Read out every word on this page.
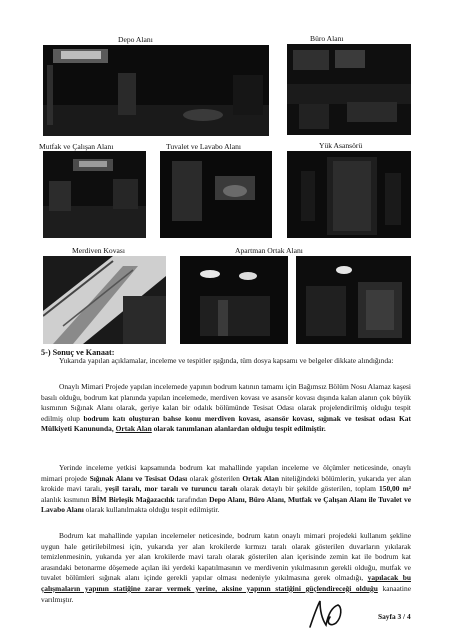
Depo Alanı	Büro Alanı
Mutfak ve Çalışan Alanı	Tuvalet ve Lavabo Alanı	Yük Asansörü
Merdiven Kovası	Apartman Ortak Alanı
5-) Sonuç ve Kanaat:
Yukarıda yapılan açıklamalar, inceleme ve tespitler ışığında, tüm dosya kapsamı ve belgeler dikkate alındığında:
Onaylı Mimari Projede yapılan incelemede yapının bodrum katının tamamı için Bağımsız Bölüm Nosu Alamaz kaşesi basılı olduğu, bodrum kat planında yapılan incelemede, merdiven kovası ve asansör kovası dışında kalan alanın çok büyük kısmının Sığınak Alanı olarak, geriye kalan bir odalık bölümünde Tesisat Odası olarak projelendirilmiş olduğu tespit edilmiş olup bodrum katı oluşturan bahse konu merdiven kovası, asansör kovası, sığınak ve tesisat odası Kat Mülkiyeti Kanununda, Ortak Alan olarak tanımlanan alanlardan olduğu tespit edilmiştir.
Yerinde inceleme yetkisi kapsamında bodrum kat mahallinde yapılan inceleme ve ölçümler neticesinde, onaylı mimari projede Sığınak Alanı ve Tesisat Odası olarak gösterilen Ortak Alan niteliğindeki bölümlerin, yukarıda yer alan krokide mavi taralı, yeşil taralı, mor taralı ve turuncu taralı olarak detaylı bir şekilde gösterilen, toplam 150,00 m² alanlık kısmının BİM Birleşik Mağazacılık tarafından Depo Alanı, Büro Alanı, Mutfak ve Çalışan Alanı ile Tuvalet ve Lavabo Alanı olarak kullanılmakta olduğu tespit edilmiştir.
Bodrum kat mahallinde yapılan incelemeler neticesinde, bodrum katın onaylı mimari projedeki kullanım şekline uygun hale getirilebilmesi için, yukarıda yer alan krokilerde kırmızı taralı olarak gösterilen duvarların yıkılarak temizlenmesinin, yukarıda yer alan krokilerde mavi taralı olarak gösterilen alan içerisinde zemin kat ile bodrum kat arasındaki betonarme döşemede açılan iki yerdeki kapatılmasının ve merdivenin yıkılmasının gerekli olduğu, mutfak ve tuvalet bölümleri sığınak alanı içinde gerekli yapılar olması nedeniyle yıkılmasına gerek olmadığı, yapılacak bu çalışmaların yapının statiğine zarar vermek yerine, aksine yapının statiğini güçlendireceği olduğu kanaatine varılmıştır.
Sayfa 3 / 4
